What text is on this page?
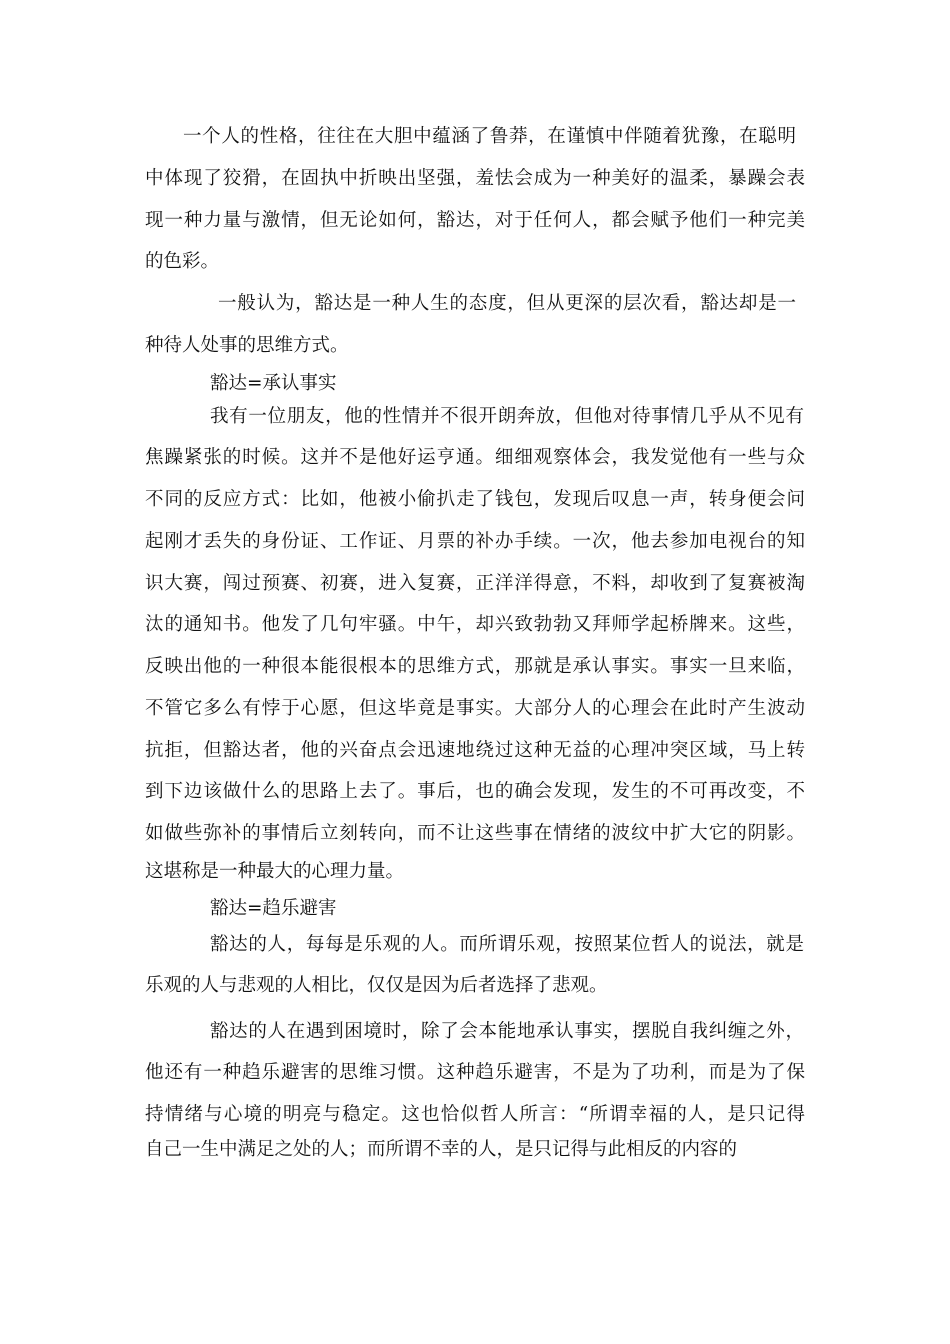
一个人的性格，往往在大胆中蕴涵了鲁莽，在谨慎中伴随着犹豫，在聪明
中体现了狡猾，在固执中折映出坚强，羞怯会成为一种美好的温柔，暴躁会表
现一种力量与激情，但无论如何，豁达，对于任何人，都会赋予他们一种完美
的色彩。
一般认为，豁达是一种人生的态度，但从更深的层次看，豁达却是一
种待人处事的思维方式。
豁达=承认事实
我有一位朋友，他的性情并不很开朗奔放，但他对待事情几乎从不见有
焦躁紧张的时候。这并不是他好运亨通。细细观察体会，我发觉他有一些与众
不同的反应方式：比如，他被小偷扒走了钱包，发现后叹息一声，转身便会问
起刚才丢失的身份证、工作证、月票的补办手续。一次，他去参加电视台的知
识大赛，闯过预赛、初赛，进入复赛，正洋洋得意，不料，却收到了复赛被淘
汰的通知书。他发了几句牢骚。中午，却兴致勃勃又拜师学起桥牌来。这些，
反映出他的一种很本能很根本的思维方式，那就是承认事实。事实一旦来临，
不管它多么有悖于心愿，但这毕竟是事实。大部分人的心理会在此时产生波动
抗拒，但豁达者，他的兴奋点会迅速地绕过这种无益的心理冲突区域，马上转
到下边该做什么的思路上去了。事后，也的确会发现，发生的不可再改变，不
如做些弥补的事情后立刻转向，而不让这些事在情绪的波纹中扩大它的阴影。
这堪称是一种最大的心理力量。
豁达=趋乐避害
豁达的人，每每是乐观的人。而所谓乐观，按照某位哲人的说法，就是
乐观的人与悲观的人相比，仅仅是因为后者选择了悲观。
豁达的人在遇到困境时，除了会本能地承认事实，摆脱自我纠缠之外，
他还有一种趋乐避害的思维习惯。这种趋乐避害，不是为了功利，而是为了保
持情绪与心境的明亮与稳定。这也恰似哲人所言：“所谓幸福的人，是只记得
自己一生中满足之处的人；而所谓不幸的人，是只记得与此相反的内容的
